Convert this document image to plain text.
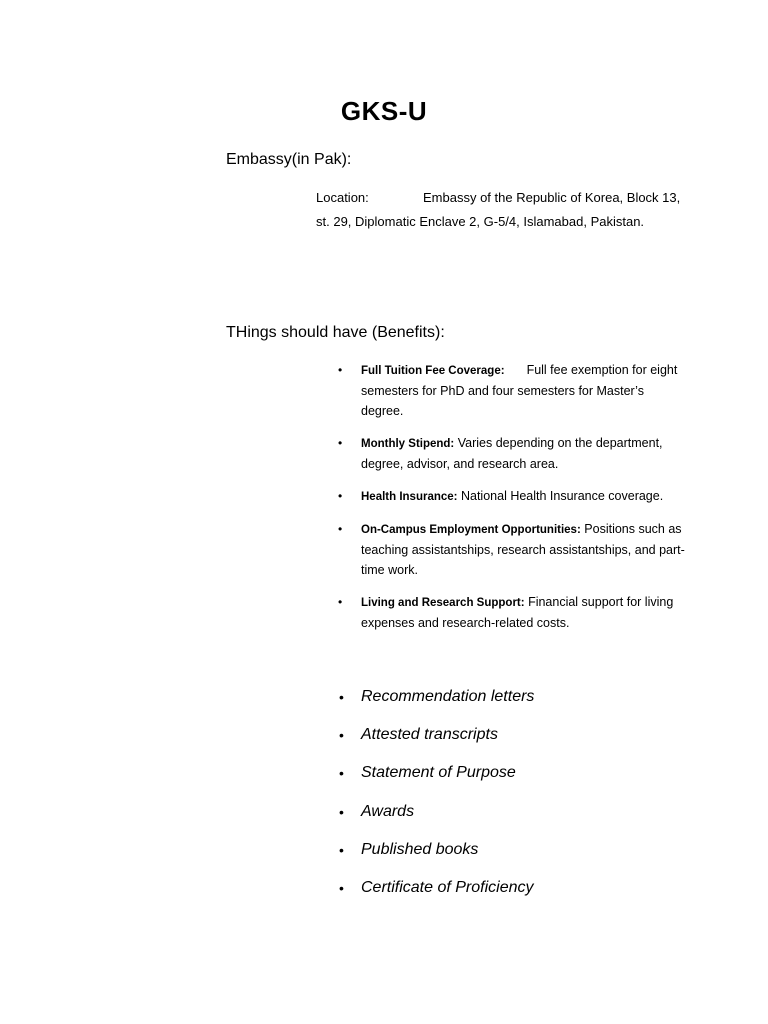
GKS-U
Embassy(in Pak):
Location:	Embassy of the Republic of Korea, Block 13,
st. 29, Diplomatic Enclave 2, G-5/4, Islamabad, Pakistan.
THings should have (Benefits):
• Full Tuition Fee Coverage: Full fee exemption for eight semesters for PhD and four semesters for Master’s degree.
• Monthly Stipend: Varies depending on the department, degree, advisor, and research area.
• Health Insurance: National Health Insurance coverage.
• On-Campus Employment Opportunities: Positions such as teaching assistantships, research assistantships, and part-time work.
• Living and Research Support: Financial support for living expenses and research-related costs.
• Recommendation letters
• Attested transcripts
• Statement of Purpose
• Awards
• Published books
• Certificate of Proficiency
